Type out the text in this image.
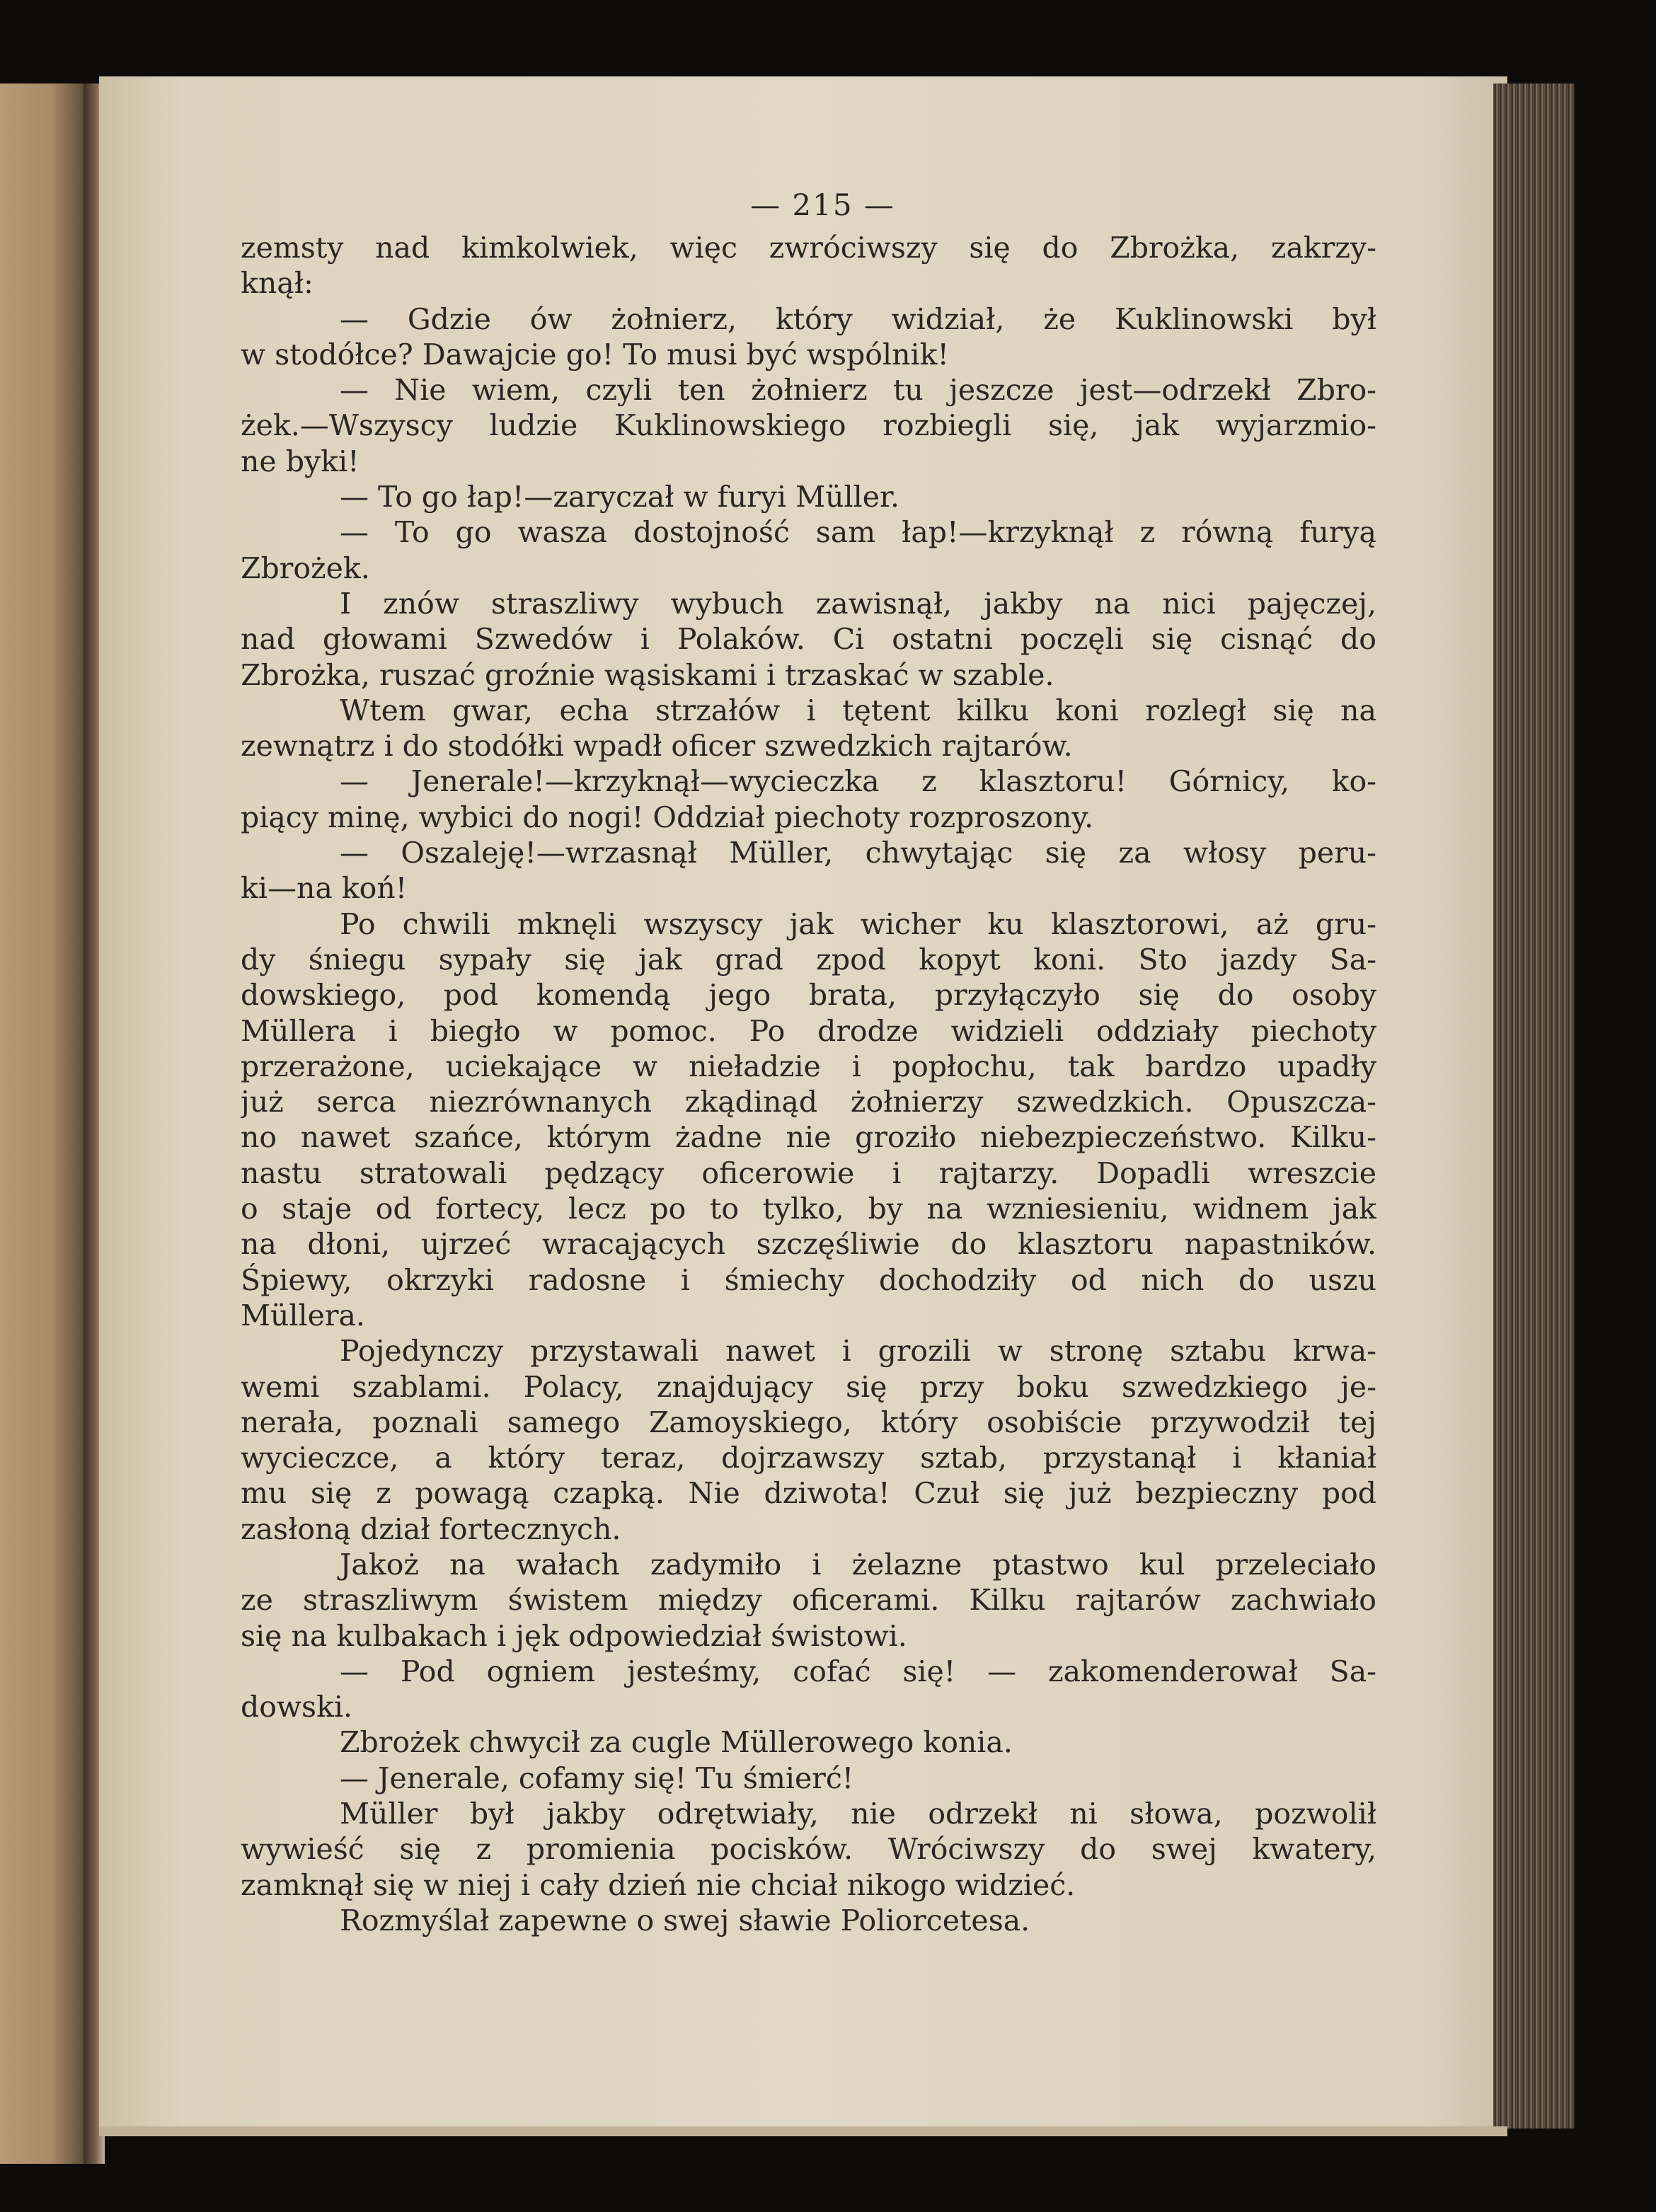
— 215 —
zemsty nad kimkolwiek, więc zwróciwszy się do Zbrożka, zakrzy-
knął:
— Gdzie ów żołnierz, który widział, że Kuklinowski był
w stodółce? Dawajcie go! To musi być wspólnik!
— Nie wiem, czyli ten żołnierz tu jeszcze jest—odrzekł Zbro-
żek.—Wszyscy ludzie Kuklinowskiego rozbiegli się, jak wyjarzmio-
ne byki!
— To go łap!—zaryczał w furyi Müller.
— To go wasza dostojność sam łap!—krzyknął z równą furyą
Zbrożek.
I znów straszliwy wybuch zawisnął, jakby na nici pajęczej,
nad głowami Szwedów i Polaków. Ci ostatni poczęli się cisnąć do
Zbrożka, ruszać groźnie wąsiskami i trzaskać w szable.
Wtem gwar, echa strzałów i tętent kilku koni rozległ się na
zewnątrz i do stodółki wpadł oficer szwedzkich rajtarów.
— Jenerale!—krzyknął—wycieczka z klasztoru! Górnicy, ko-
piący minę, wybici do nogi! Oddział piechoty rozproszony.
— Oszaleję!—wrzasnął Müller, chwytając się za włosy peru-
ki—na koń!
Po chwili mknęli wszyscy jak wicher ku klasztorowi, aż gru-
dy śniegu sypały się jak grad zpod kopyt koni. Sto jazdy Sa-
dowskiego, pod komendą jego brata, przyłączyło się do osoby
Müllera i biegło w pomoc. Po drodze widzieli oddziały piechoty
przerażone, uciekające w nieładzie i popłochu, tak bardzo upadły
już serca niezrównanych zkądinąd żołnierzy szwedzkich. Opuszcza-
no nawet szańce, którym żadne nie groziło niebezpieczeństwo. Kilku-
nastu stratowali pędzący oficerowie i rajtarzy. Dopadli wreszcie
o staje od fortecy, lecz po to tylko, by na wzniesieniu, widnem jak
na dłoni, ujrzeć wracających szczęśliwie do klasztoru napastników.
Śpiewy, okrzyki radosne i śmiechy dochodziły od nich do uszu
Müllera.
Pojedynczy przystawali nawet i grozili w stronę sztabu krwa-
wemi szablami. Polacy, znajdujący się przy boku szwedzkiego je-
nerała, poznali samego Zamoyskiego, który osobiście przywodził tej
wycieczce, a który teraz, dojrzawszy sztab, przystanął i kłaniał
mu się z powagą czapką. Nie dziwota! Czuł się już bezpieczny pod
zasłoną dział fortecznych.
Jakoż na wałach zadymiło i żelazne ptastwo kul przeleciało
ze straszliwym świstem między oficerami. Kilku rajtarów zachwiało
się na kulbakach i jęk odpowiedział świstowi.
— Pod ogniem jesteśmy, cofać się! — zakomenderował Sa-
dowski.
Zbrożek chwycił za cugle Müllerowego konia.
— Jenerale, cofamy się! Tu śmierć!
Müller był jakby odrętwiały, nie odrzekł ni słowa, pozwolił
wywieść się z promienia pocisków. Wróciwszy do swej kwatery,
zamknął się w niej i cały dzień nie chciał nikogo widzieć.
Rozmyślał zapewne o swej sławie Poliorcetesa.
